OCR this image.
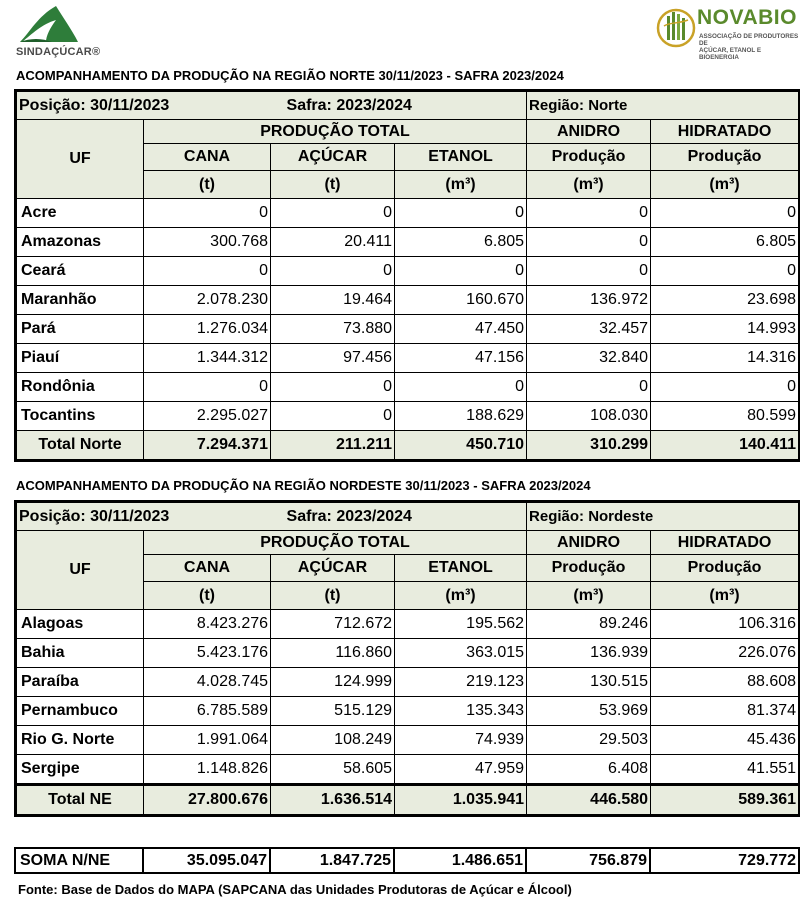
SINDAÇÚCAR®
NOVABIO
ASSOCIAÇÃO DE PRODUTORES DE
AÇÚCAR, ETANOL E BIOENERGIA
ACOMPANHAMENTO DA PRODUÇÃO NA REGIÃO NORTE 30/11/2023 - SAFRA 2023/2024
Posição: 30/11/2023		Safra: 2023/2024		Região: Norte	
UF	PRODUÇÃO TOTAL			ANIDRO	HIDRATADO
	CANA	AÇÚCAR	ETANOL	Produção	Produção
	(t)	(t)	(m³)	(m³)	(m³)
Acre	0	0	0	0	0
Amazonas	300.768	20.411	6.805	0	6.805
Ceará	0	0	0	0	0
Maranhão	2.078.230	19.464	160.670	136.972	23.698
Pará	1.276.034	73.880	47.450	32.457	14.993
Piauí	1.344.312	97.456	47.156	32.840	14.316
Rondônia	0	0	0	0	0
Tocantins	2.295.027	0	188.629	108.030	80.599
Total Norte	7.294.371	211.211	450.710	310.299	140.411
ACOMPANHAMENTO DA PRODUÇÃO NA REGIÃO NORDESTE 30/11/2023 - SAFRA 2023/2024
Posição: 30/11/2023		Safra: 2023/2024		Região: Nordeste	
UF	PRODUÇÃO TOTAL			ANIDRO	HIDRATADO
	CANA	AÇÚCAR	ETANOL	Produção	Produção
	(t)	(t)	(m³)	(m³)	(m³)
Alagoas	8.423.276	712.672	195.562	89.246	106.316
Bahia	5.423.176	116.860	363.015	136.939	226.076
Paraíba	4.028.745	124.999	219.123	130.515	88.608
Pernambuco	6.785.589	515.129	135.343	53.969	81.374
Rio G. Norte	1.991.064	108.249	74.939	29.503	45.436
Sergipe	1.148.826	58.605	47.959	6.408	41.551
Total NE	27.800.676	1.636.514	1.035.941	446.580	589.361
SOMA N/NE	35.095.047	1.847.725	1.486.651	756.879	729.772
Fonte: Base de Dados do MAPA (SAPCANA das Unidades Produtoras de Açúcar e Álcool)
